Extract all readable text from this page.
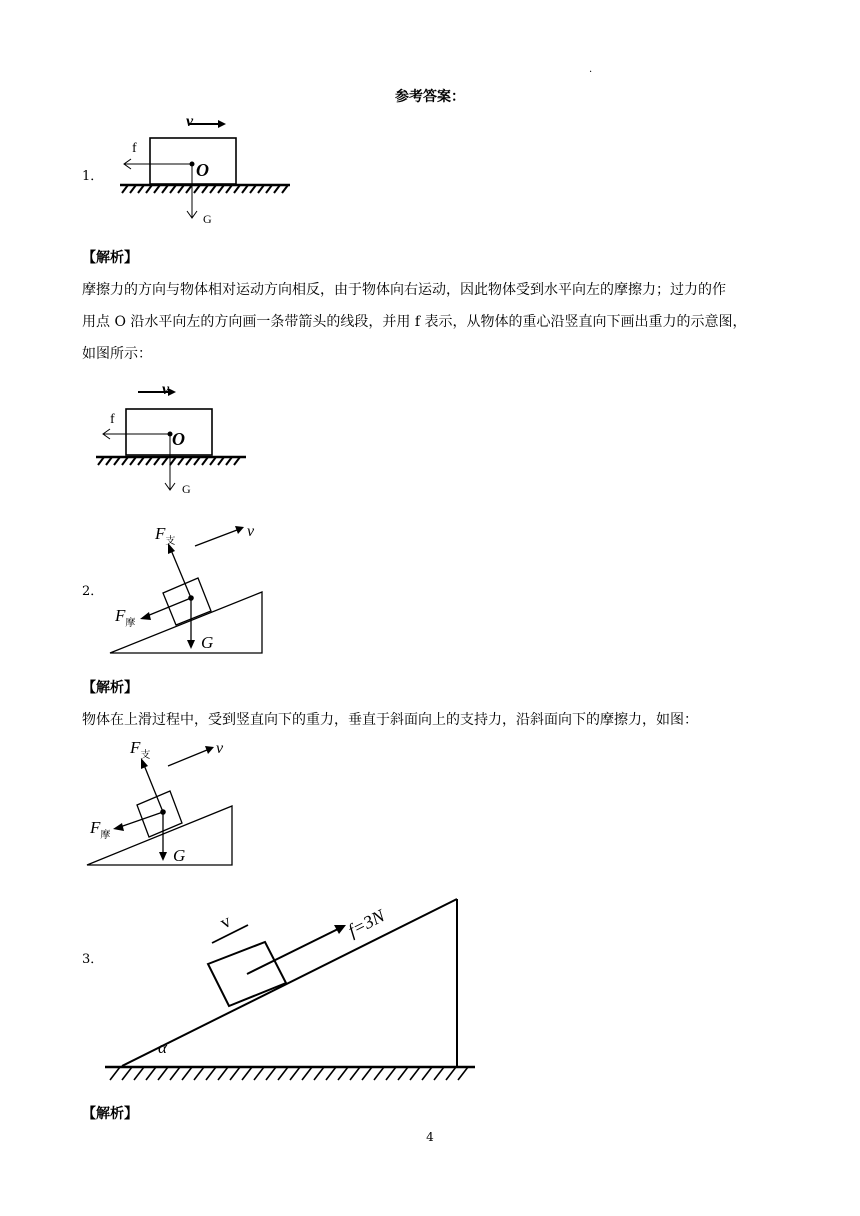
.
参考答案：
1．
v
O
f
G
【解析】
摩擦力的方向与物体相对运动方向相反，由于物体向右运动，因此物体受到水平向左的摩擦力；过力的作
用点 O 沿水平向左的方向画一条带箭头的线段，并用 f 表示，从物体的重心沿竖直向下画出重力的示意图，
如图所示：
v
O
f
G
2．
$F_支$
v
$F_摩$
G
【解析】
物体在上滑过程中，受到竖直向下的重力，垂直于斜面向上的支持力，沿斜面向下的摩擦力，如图：
$F_支$	v
$F_摩$
G
3．
α
f=3N
v
【解析】
4
